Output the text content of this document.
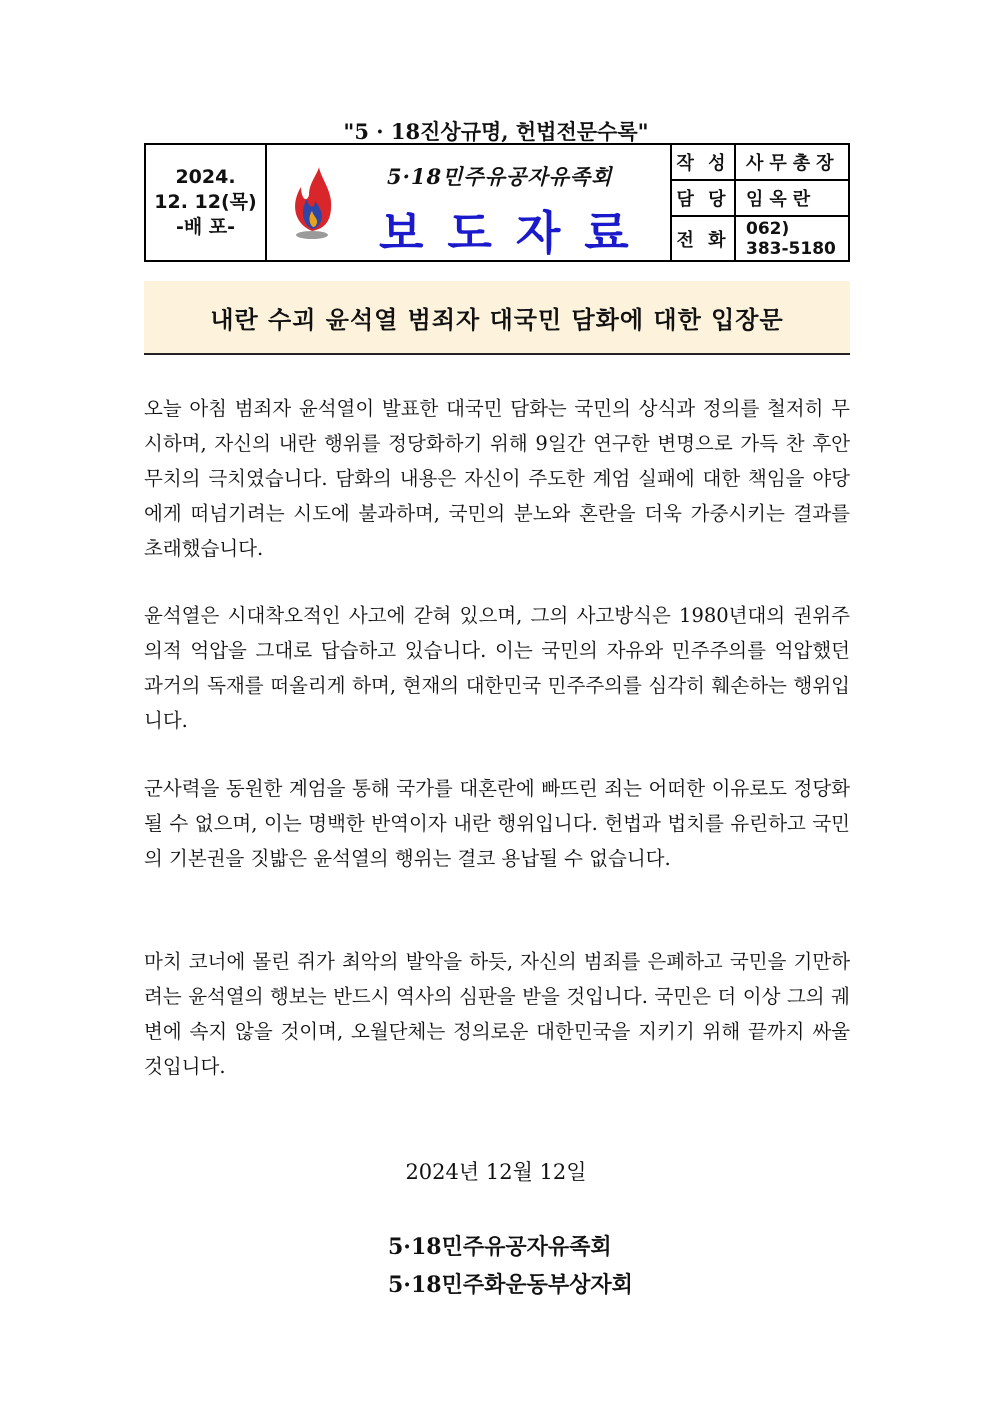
"5 · 18진상규명, 헌법전문수록"
2024.
12. 12(목)
-배 포-
5·18민주유공자유족회
보도자료
작 성 사무총장
담 당 임옥란
전 화
062)
383-5180
내란 수괴 윤석열 범죄자 대국민 담화에 대한 입장문
오늘 아침 범죄자 윤석열이 발표한 대국민 담화는 국민의 상식과 정의를 철저히 무시하며, 자신의 내란 행위를 정당화하기 위해 9일간 연구한 변명으로 가득 찬 후안무치의 극치였습니다. 담화의 내용은 자신이 주도한 계엄 실패에 대한 책임을 야당에게 떠넘기려는 시도에 불과하며, 국민의 분노와 혼란을 더욱 가중시키는 결과를 초래했습니다.
윤석열은 시대착오적인 사고에 갇혀 있으며, 그의 사고방식은 1980년대의 권위주의적 억압을 그대로 답습하고 있습니다. 이는 국민의 자유와 민주주의를 억압했던 과거의 독재를 떠올리게 하며, 현재의 대한민국 민주주의를 심각히 훼손하는 행위입니다.
군사력을 동원한 계엄을 통해 국가를 대혼란에 빠뜨린 죄는 어떠한 이유로도 정당화될 수 없으며, 이는 명백한 반역이자 내란 행위입니다. 헌법과 법치를 유린하고 국민의 기본권을 짓밟은 윤석열의 행위는 결코 용납될 수 없습니다.
마치 코너에 몰린 쥐가 최악의 발악을 하듯, 자신의 범죄를 은폐하고 국민을 기만하려는 윤석열의 행보는 반드시 역사의 심판을 받을 것입니다. 국민은 더 이상 그의 궤변에 속지 않을 것이며, 오월단체는 정의로운 대한민국을 지키기 위해 끝까지 싸울 것입니다.
2024년 12월 12일
5·18민주유공자유족회
5·18민주화운동부상자회
